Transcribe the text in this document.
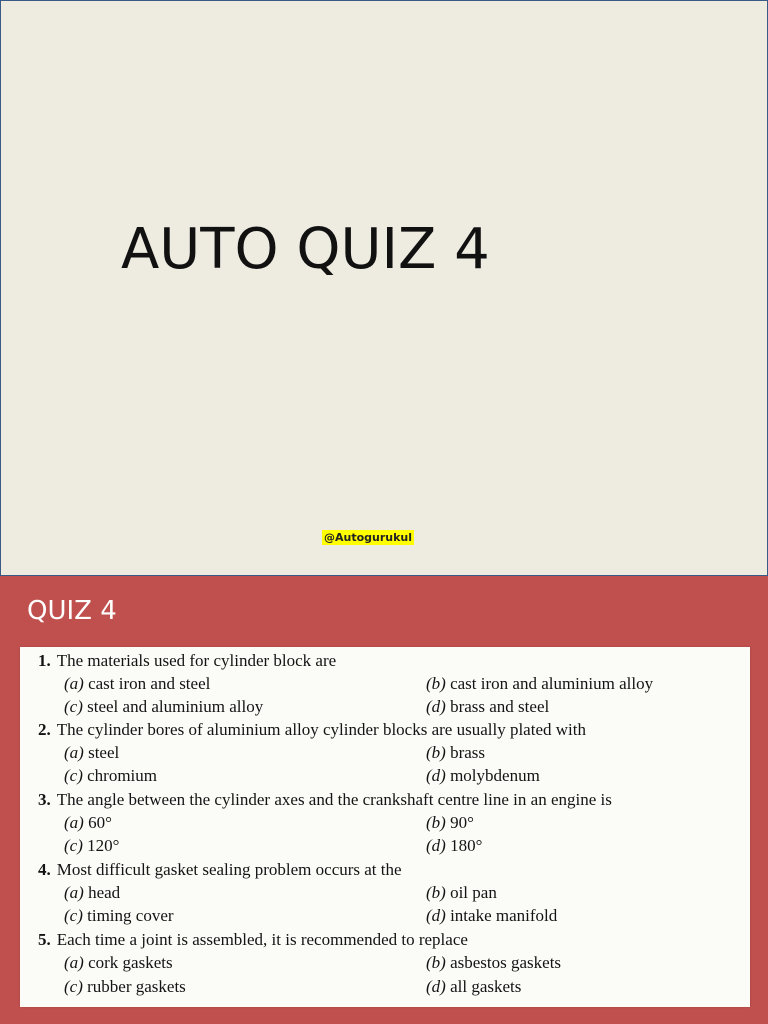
AUTO QUIZ 4
@Autogurukul
QUIZ 4
1. The materials used for cylinder block are
(a) cast iron and steel	(b) cast iron and aluminium alloy
(c) steel and aluminium alloy	(d) brass and steel
2. The cylinder bores of aluminium alloy cylinder blocks are usually plated with
(a) steel	(b) brass
(c) chromium	(d) molybdenum
3. The angle between the cylinder axes and the crankshaft centre line in an engine is
(a) 60°	(b) 90°
(c) 120°	(d) 180°
4. Most difficult gasket sealing problem occurs at the
(a) head	(b) oil pan
(c) timing cover	(d) intake manifold
5. Each time a joint is assembled, it is recommended to replace
(a) cork gaskets	(b) asbestos gaskets
(c) rubber gaskets	(d) all gaskets
